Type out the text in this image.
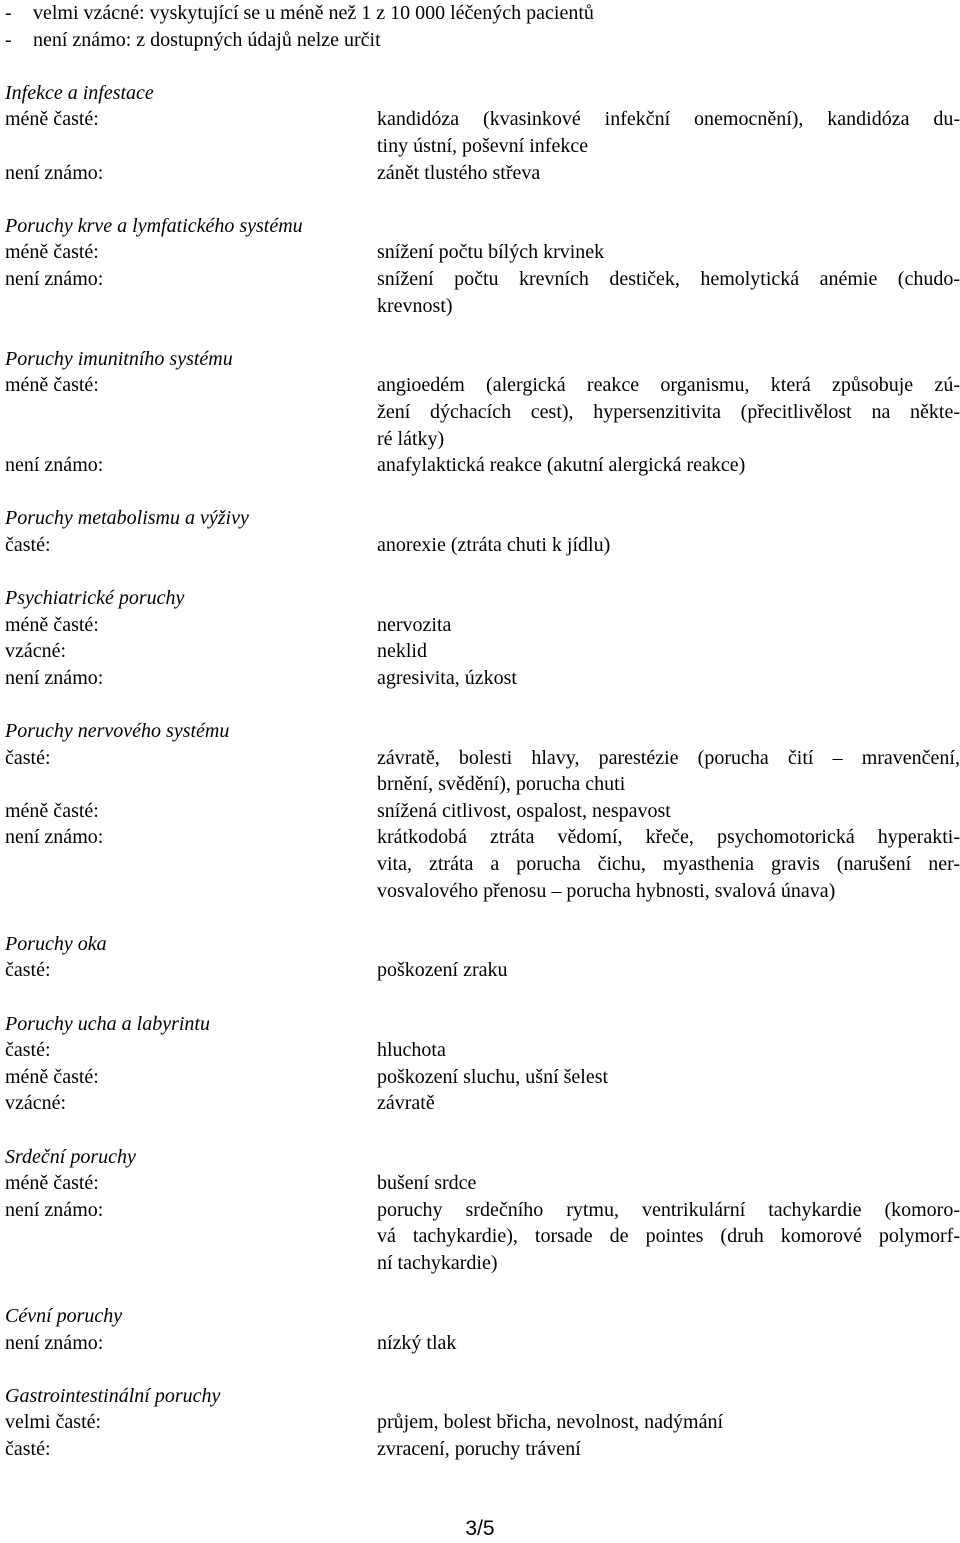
- velmi vzácné: vyskytující se u méně než 1 z 10 000 léčených pacientů
- není známo: z dostupných údajů nelze určit
Infekce a infestace
méně časté:	kandidóza (kvasinkové infekční onemocnění), kandidóza du-
tiny ústní, poševní infekce
není známo:	zánět tlustého střeva
Poruchy krve a lymfatického systému
méně časté:	snížení počtu bílých krvinek
není známo:	snížení počtu krevních destiček, hemolytická anémie (chudo-
krevnost)
Poruchy imunitního systému
méně časté:	angioedém (alergická reakce organismu, která způsobuje zú-
žení dýchacích cest), hypersenzitivita (přecitlivělost na někte-
ré látky)
není známo:	anafylaktická reakce (akutní alergická reakce)
Poruchy metabolismu a výživy
časté:	anorexie (ztráta chuti k jídlu)
Psychiatrické poruchy
méně časté:	nervozita
vzácné:	neklid
není známo:	agresivita, úzkost
Poruchy nervového systému
časté:	závratě, bolesti hlavy, parestézie (porucha čití – mravenčení,
brnění, svědění), porucha chuti
méně časté:	snížená citlivost, ospalost, nespavost
není známo:	krátkodobá ztráta vědomí, křeče, psychomotorická hyperakti-
vita, ztráta a porucha čichu, myasthenia gravis (narušení ner-
vosvalového přenosu – porucha hybnosti, svalová únava)
Poruchy oka
časté:	poškození zraku
Poruchy ucha a labyrintu
časté:	hluchota
méně časté:	poškození sluchu, ušní šelest
vzácné:	závratě
Srdeční poruchy
méně časté:	bušení srdce
není známo:	poruchy srdečního rytmu, ventrikulární tachykardie (komoro-
vá tachykardie), torsade de pointes (druh komorové polymorf-
ní tachykardie)
Cévní poruchy
není známo:	nízký tlak
Gastrointestinální poruchy
velmi časté:	průjem, bolest břicha, nevolnost, nadýmání
časté:	zvracení, poruchy trávení
3/5
